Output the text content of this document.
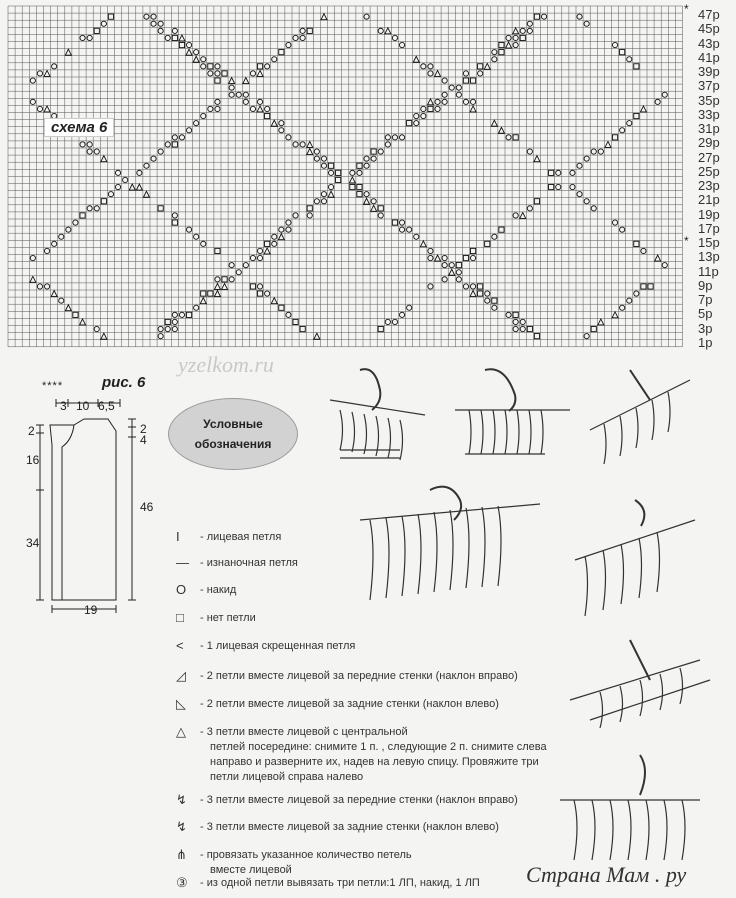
схема 6
47р
45р
43р
41р
39р
37р
35р
33р
31р
29р
27р
25р
23р
21р
19р
17р
15р
13р
11р
9р
7р
5р
3р
1р
*
*
yzelkom.ru
****	рис. 6
3 10 6,5
2
16
34
2
4
46
19
Условные
обозначения
I	- лицевая петля
—	- изнаночная петля
O	- накид
□	- нет петли
<	- 1 лицевая скрещенная петля
◿	- 2 петли вместе лицевой за передние стенки (наклон вправо)
◺	- 2 петли вместе лицевой за задние стенки (наклон влево)
△	- 3 петли вместе лицевой с центральной
петлей посередине: снимите 1 п. , следующие 2 п. снимите слева направо и разверните их, надев на левую спицу. Провяжите три петли лицевой справа налево
↯	- 3 петли вместе лицевой за передние стенки (наклон вправо)
↯	- 3 петли вместе лицевой за задние стенки (наклон влево)
⋔	- провязать указанное количество петель
вместе лицевой
③	- из одной петли вывязать три петли:1 ЛП, накид, 1 ЛП Страна Мам . ру
